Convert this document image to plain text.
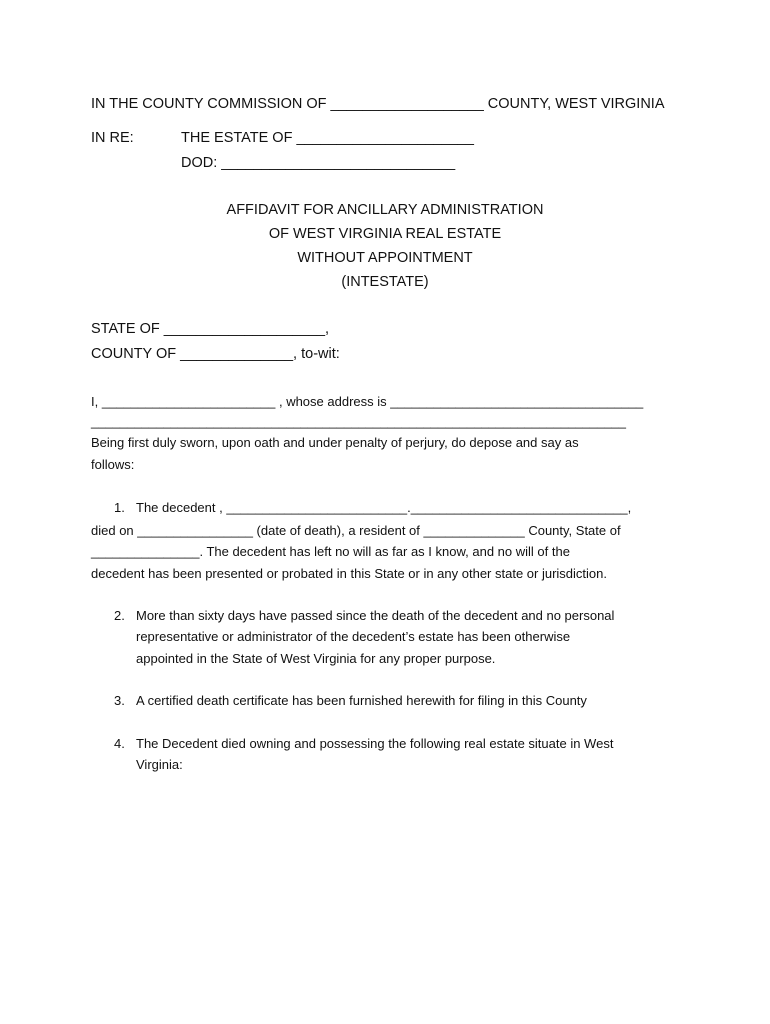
IN THE COUNTY COMMISSION OF ___________________ COUNTY, WEST VIRGINIA

IN RE:	THE ESTATE OF ______________________

DOD: _____________________________

AFFIDAVIT FOR ANCILLARY ADMINISTRATION

OF WEST VIRGINIA REAL ESTATE

WITHOUT APPOINTMENT

(INTESTATE)

STATE OF ____________________,

COUNTY OF ______________, to-wit:

I, ________________________ , whose address is ___________________________________

__________________________________________________________________________

Being first duly sworn, upon oath and under penalty of perjury, do depose and say as

follows:

1. The decedent , _________________________.______________________________,

died on ________________ (date of death), a resident of ______________ County, State of

_______________. The decedent has left no will as far as I know, and no will of the

decedent has been presented or probated in this State or in any other state or jurisdiction.

2. More than sixty days have passed since the death of the decedent and no personal

representative or administrator of the decedent’s estate has been otherwise

appointed in the State of West Virginia for any proper purpose.

3. A certified death certificate has been furnished herewith for filing in this County

4. The Decedent died owning and possessing the following real estate situate in West

Virginia:
